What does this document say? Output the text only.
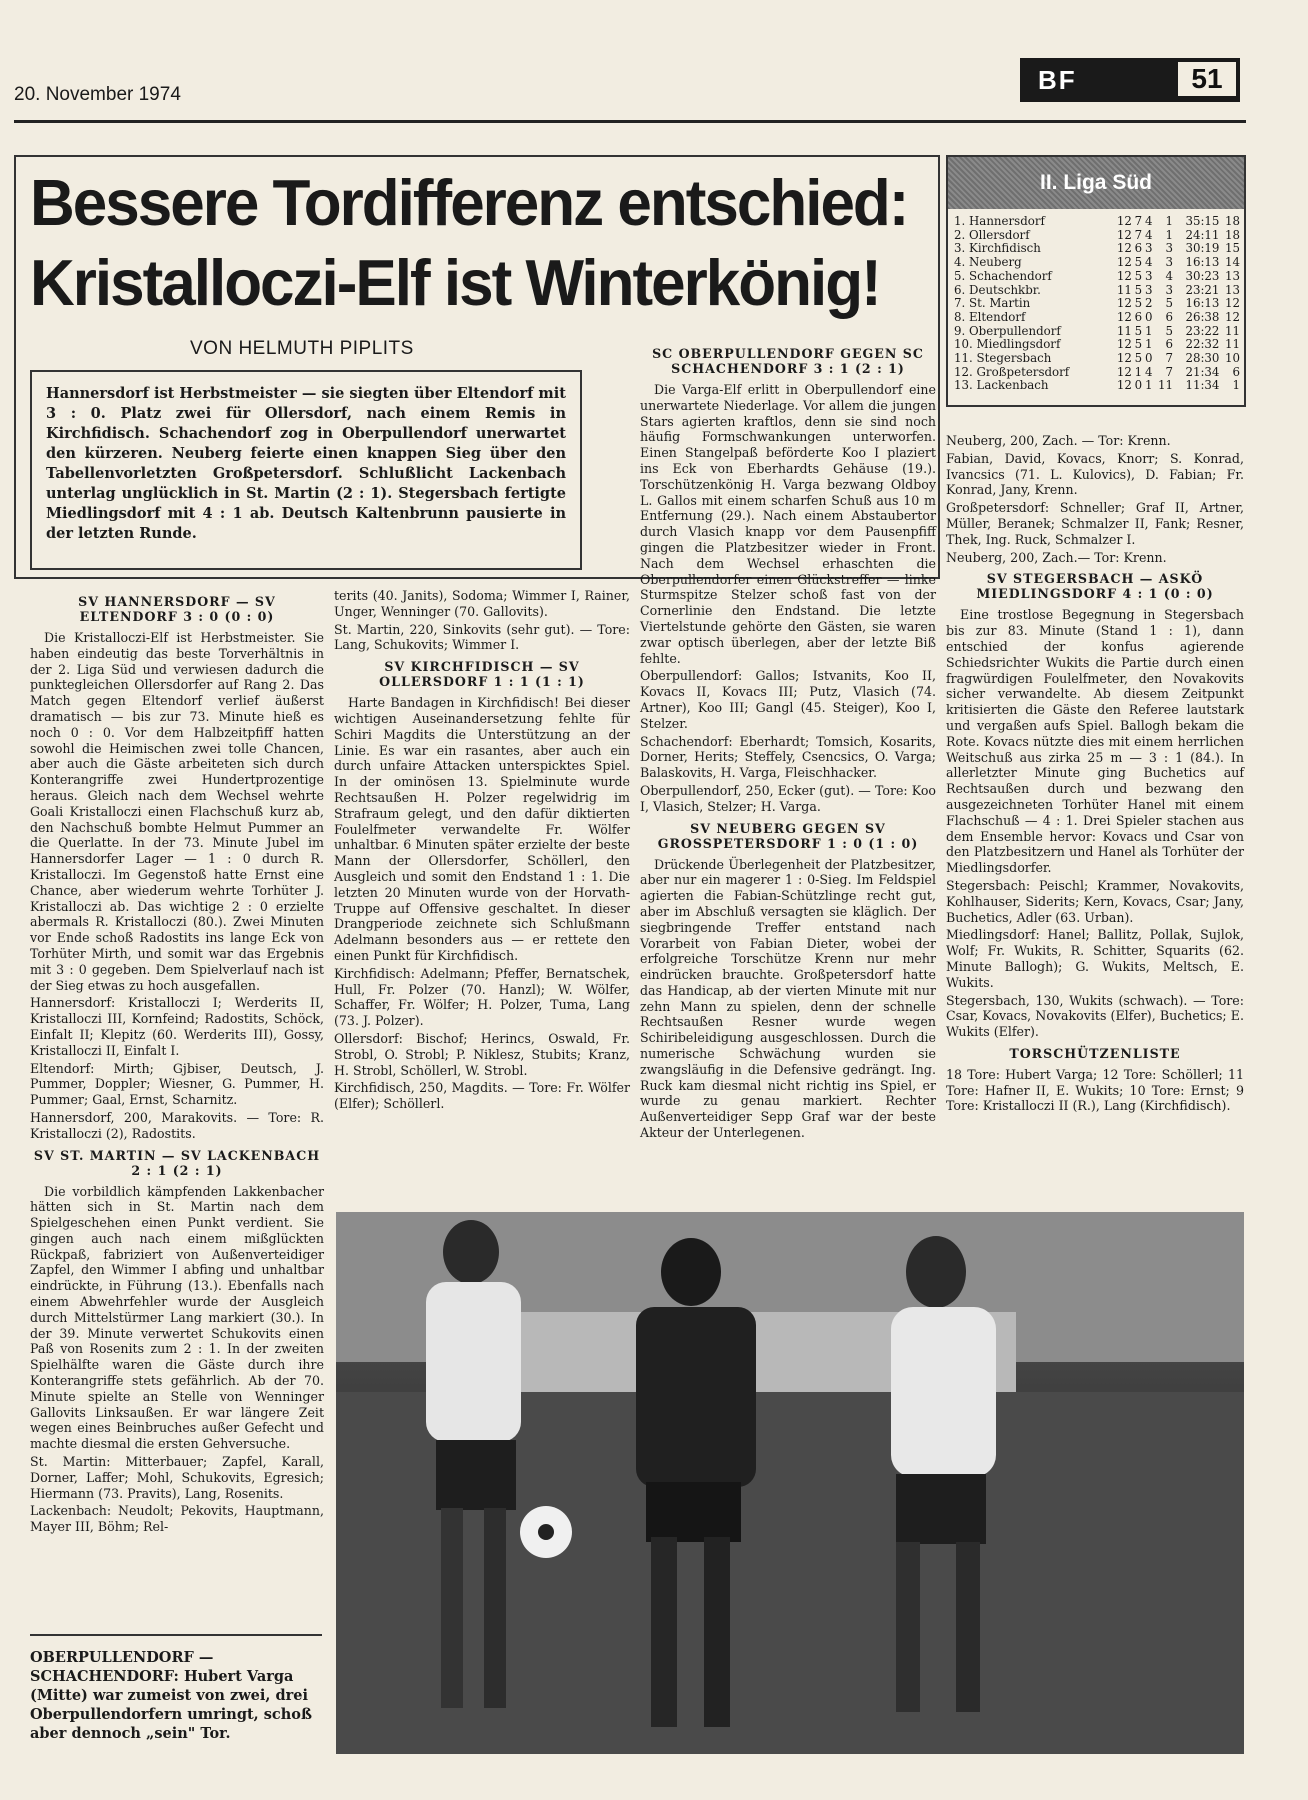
20. November 1974	BF	51
Bessere Tordifferenz entschied:
Kristalloczi-Elf ist Winterkönig!
VON HELMUTH PIPLITS
Hannersdorf ist Herbstmeister — sie siegten über Eltendorf mit 3 : 0. Platz zwei für Ollersdorf, nach einem Remis in Kirchfidisch. Schachendorf zog in Oberpullendorf unerwartet den kürzeren. Neuberg feierte einen knappen Sieg über den Tabellenvorletzten Großpetersdorf. Schlußlicht Lackenbach unterlag unglücklich in St. Martin (2 : 1). Stegersbach fertigte Miedlingsdorf mit 4 : 1 ab. Deutsch Kaltenbrunn pausierte in der letzten Runde.
II. Liga Süd
1. Hannersdorf	12	7	4	1	35:15	18
2. Ollersdorf	12	7	4	1	24:11	18
3. Kirchfidisch	12	6	3	3	30:19	15
4. Neuberg	12	5	4	3	16:13	14
5. Schachendorf	12	5	3	4	30:23	13
6. Deutschkbr.	11	5	3	3	23:21	13
7. St. Martin	12	5	2	5	16:13	12
8. Eltendorf	12	6	0	6	26:38	12
9. Oberpullendorf	11	5	1	5	23:22	11
10. Miedlingsdorf	12	5	1	6	22:32	11
11. Stegersbach	12	5	0	7	28:30	10
12. Großpetersdorf	12	1	4	7	21:34	6
13. Lackenbach	12	0	1	11	11:34	1
SV HANNERSDORF — SV ELTENDORF 3 : 0 (0 : 0)

Die Kristalloczi-Elf ist Herbstmeister. Sie haben eindeutig das beste Torverhältnis in der 2. Liga Süd und verwiesen dadurch die punktegleichen Ollersdorfer auf Rang 2. Das Match gegen Eltendorf verlief äußerst dramatisch — bis zur 73. Minute hieß es noch 0 : 0. Vor dem Halbzeitpfiff hatten sowohl die Heimischen zwei tolle Chancen, aber auch die Gäste arbeiteten sich durch Konterangriffe zwei Hundertprozentige heraus. Gleich nach dem Wechsel wehrte Goali Kristalloczi einen Flachschuß kurz ab, den Nachschuß bombte Helmut Pummer an die Querlatte. In der 73. Minute Jubel im Hannersdorfer Lager — 1 : 0 durch R. Kristalloczi. Im Gegenstoß hatte Ernst eine Chance, aber wiederum wehrte Torhüter J. Kristalloczi ab. Das wichtige 2 : 0 erzielte abermals R. Kristalloczi (80.). Zwei Minuten vor Ende schoß Radostits ins lange Eck von Torhüter Mirth, und somit war das Ergebnis mit 3 : 0 gegeben. Dem Spielverlauf nach ist der Sieg etwas zu hoch ausgefallen.

Hannersdorf: Kristalloczi I; Werderits II, Kristalloczi III, Kornfeind; Radostits, Schöck, Einfalt II; Klepitz (60. Werderits III), Gossy, Kristalloczi II, Einfalt I.

Eltendorf: Mirth; Gjbiser, Deutsch, J. Pummer, Doppler; Wiesner, G. Pummer, H. Pummer; Gaal, Ernst, Scharnitz.

Hannersdorf, 200, Marakovits. — Tore: R. Kristalloczi (2), Radostits.

SV ST. MARTIN — SV LACKENBACH 2 : 1 (2 : 1)

Die vorbildlich kämpfenden Lakkenbacher hätten sich in St. Martin nach dem Spielgeschehen einen Punkt verdient. Sie gingen auch nach einem mißglückten Rückpaß, fabriziert von Außenverteidiger Zapfel, den Wimmer I abfing und unhaltbar eindrückte, in Führung (13.). Ebenfalls nach einem Abwehrfehler wurde der Ausgleich durch Mittelstürmer Lang markiert (30.). In der 39. Minute verwertet Schukovits einen Paß von Rosenits zum 2 : 1. In der zweiten Spielhälfte waren die Gäste durch ihre Konterangriffe stets gefährlich. Ab der 70. Minute spielte an Stelle von Wenninger Gallovits Linksaußen. Er war längere Zeit wegen eines Beinbruches außer Gefecht und machte diesmal die ersten Gehversuche.

St. Martin: Mitterbauer; Zapfel, Karall, Dorner, Laffer; Mohl, Schukovits, Egresich; Hiermann (73. Pravits), Lang, Rosenits.

Lackenbach: Neudolt; Pekovits, Hauptmann, Mayer III, Böhm; Rel-

terits (40. Janits), Sodoma; Wimmer I, Rainer, Unger, Wenninger (70. Gallovits).

St. Martin, 220, Sinkovits (sehr gut). — Tore: Lang, Schukovits; Wimmer I.

SV KIRCHFIDISCH — SV OLLERSDORF 1 : 1 (1 : 1)

Harte Bandagen in Kirchfidisch! Bei dieser wichtigen Auseinandersetzung fehlte für Schiri Magdits die Unterstützung an der Linie. Es war ein rasantes, aber auch ein durch unfaire Attacken unterspicktes Spiel. In der ominösen 13. Spielminute wurde Rechtsaußen H. Polzer regelwidrig im Strafraum gelegt, und den dafür diktierten Foulelfmeter verwandelte Fr. Wölfer unhaltbar. 6 Minuten später erzielte der beste Mann der Ollersdorfer, Schöllerl, den Ausgleich und somit den Endstand 1 : 1. Die letzten 20 Minuten wurde von der Horvath-Truppe auf Offensive geschaltet. In dieser Drangperiode zeichnete sich Schlußmann Adelmann besonders aus — er rettete den einen Punkt für Kirchfidisch.

Kirchfidisch: Adelmann; Pfeffer, Bernatschek, Hull, Fr. Polzer (70. Hanzl); W. Wölfer, Schaffer, Fr. Wölfer; H. Polzer, Tuma, Lang (73. J. Polzer).

Ollersdorf: Bischof; Herincs, Oswald, Fr. Strobl, O. Strobl; P. Niklesz, Stubits; Kranz, H. Strobl, Schöllerl, W. Strobl.

Kirchfidisch, 250, Magdits. — Tore: Fr. Wölfer (Elfer); Schöllerl.

SC OBERPULLENDORF GEGEN SC SCHACHENDORF 3 : 1 (2 : 1)

Die Varga-Elf erlitt in Oberpullendorf eine unerwartete Niederlage. Vor allem die jungen Stars agierten kraftlos, denn sie sind noch häufig Formschwankungen unterworfen. Einen Stangelpaß beförderte Koo I plaziert ins Eck von Eberhardts Gehäuse (19.). Torschützenkönig H. Varga bezwang Oldboy L. Gallos mit einem scharfen Schuß aus 10 m Entfernung (29.). Nach einem Abstaubertor durch Vlasich knapp vor dem Pausenpfiff gingen die Platzbesitzer wieder in Front. Nach dem Wechsel erhaschten die Oberpullendorfer einen Glückstreffer — linke Sturmspitze Stelzer schoß fast von der Cornerlinie den Endstand. Die letzte Viertelstunde gehörte den Gästen, sie waren zwar optisch überlegen, aber der letzte Biß fehlte.

Oberpullendorf: Gallos; Istvanits, Koo II, Kovacs II, Kovacs III; Putz, Vlasich (74. Artner), Koo III; Gangl (45. Steiger), Koo I, Stelzer.

Schachendorf: Eberhardt; Tomsich, Kosarits, Dorner, Herits; Steffely, Csencsics, O. Varga; Balaskovits, H. Varga, Fleischhacker.

Oberpullendorf, 250, Ecker (gut). — Tore: Koo I, Vlasich, Stelzer; H. Varga.

SV NEUBERG GEGEN SV GROSSPETERSDORF 1 : 0 (1 : 0)

Drückende Überlegenheit der Platzbesitzer, aber nur ein magerer 1 : 0-Sieg. Im Feldspiel agierten die Fabian-Schützlinge recht gut, aber im Abschluß versagten sie kläglich. Der siegbringende Treffer entstand nach Vorarbeit von Fabian Dieter, wobei der erfolgreiche Torschütze Krenn nur mehr eindrücken brauchte. Großpetersdorf hatte das Handicap, ab der vierten Minute mit nur zehn Mann zu spielen, denn der schnelle Rechtsaußen Resner wurde wegen Schiribeleidigung ausgeschlossen. Durch die numerische Schwächung wurden sie zwangsläufig in die Defensive gedrängt. Ing. Ruck kam diesmal nicht richtig ins Spiel, er wurde zu genau markiert. Rechter Außenverteidiger Sepp Graf war der beste Akteur der Unterlegenen.

Neuberg, 200, Zach. — Tor: Krenn.

Fabian, David, Kovacs, Knorr; S. Konrad, Ivancsics (71. L. Kulovics), D. Fabian; Fr. Konrad, Jany, Krenn.

Großpetersdorf: Schneller; Graf II, Artner, Müller, Beranek; Schmalzer II, Fank; Resner, Thek, Ing. Ruck, Schmalzer I.

Neuberg, 200, Zach.— Tor: Krenn.

SV STEGERSBACH — ASKÖ MIEDLINGSDORF 4 : 1 (0 : 0)

Eine trostlose Begegnung in Stegersbach bis zur 83. Minute (Stand 1 : 1), dann entschied der konfus agierende Schiedsrichter Wukits die Partie durch einen fragwürdigen Foulelfmeter, den Novakovits sicher verwandelte. Ab diesem Zeitpunkt kritisierten die Gäste den Referee lautstark und vergaßen aufs Spiel. Ballogh bekam die Rote. Kovacs nützte dies mit einem herrlichen Weitschuß aus zirka 25 m — 3 : 1 (84.). In allerletzter Minute ging Buchetics auf Rechtsaußen durch und bezwang den ausgezeichneten Torhüter Hanel mit einem Flachschuß — 4 : 1. Drei Spieler stachen aus dem Ensemble hervor: Kovacs und Csar von den Platzbesitzern und Hanel als Torhüter der Miedlingsdorfer.

Stegersbach: Peischl; Krammer, Novakovits, Kohlhauser, Siderits; Kern, Kovacs, Csar; Jany, Buchetics, Adler (63. Urban).

Miedlingsdorf: Hanel; Ballitz, Pollak, Sujlok, Wolf; Fr. Wukits, R. Schitter, Squarits (62. Minute Ballogh); G. Wukits, Meltsch, E. Wukits.

Stegersbach, 130, Wukits (schwach). — Tore: Csar, Kovacs, Novakovits (Elfer), Buchetics; E. Wukits (Elfer).

TORSCHÜTZENLISTE

18 Tore: Hubert Varga; 12 Tore: Schöllerl; 11 Tore: Hafner II, E. Wukits; 10 Tore: Ernst; 9 Tore: Kristalloczi II (R.), Lang (Kirchfidisch).

OBERPULLENDORF — SCHACHENDORF: Hubert Varga (Mitte) war zumeist von zwei, drei Oberpullendorfern umringt, schoß aber dennoch „sein" Tor.
